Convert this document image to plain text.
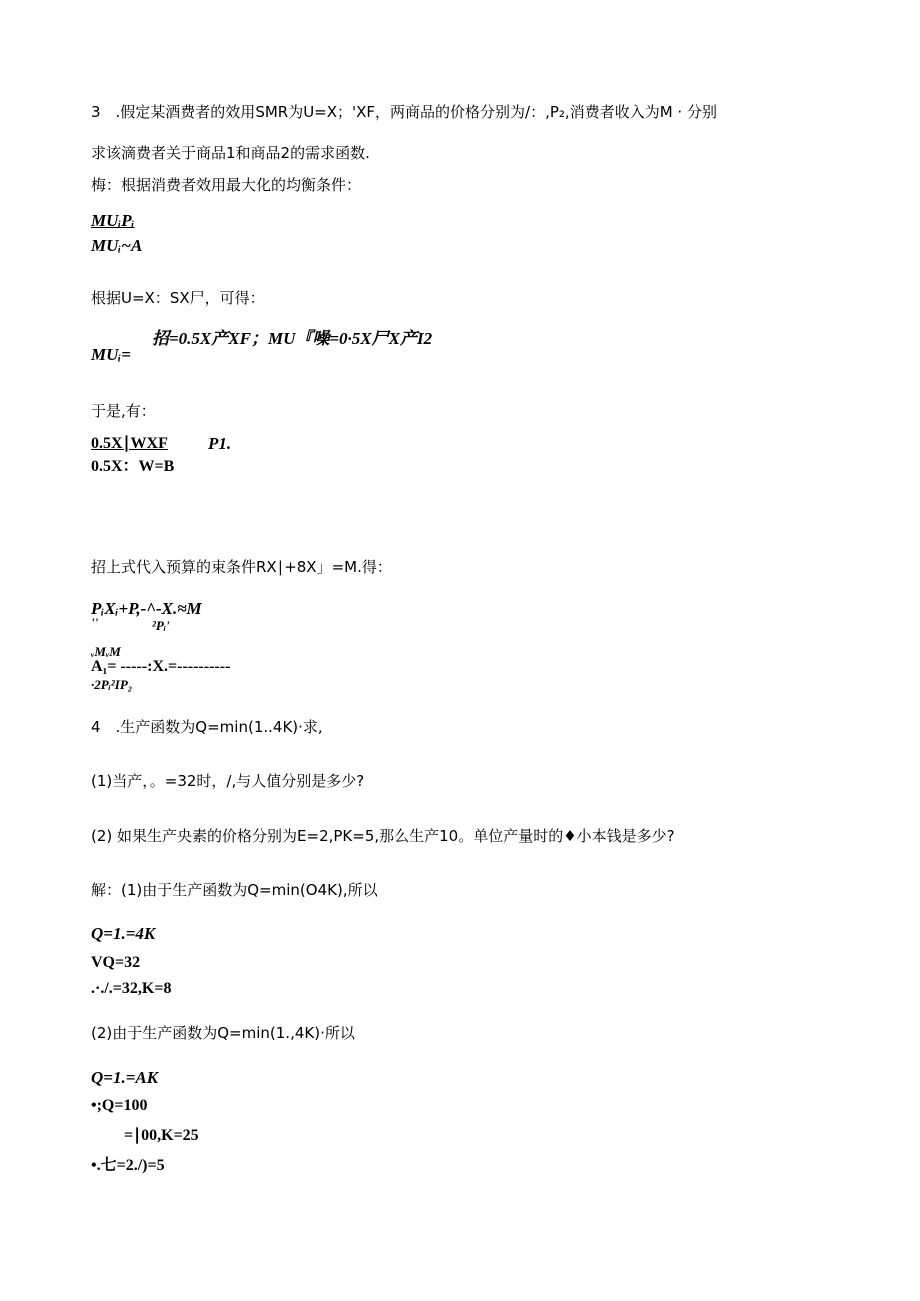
3　.假定某酒费者的效用SMR为U=X；'XF，两商品的价格分别为/：,P₂,消费者收入为M · 分别
求该滴费者关于商品1和商品2的需求函数.
梅：根据消费者效用最大化的均衡条件：
MUᵢPᵢ
MUᵢ~A
根据U=X：SX尸，可得：
招=0.5X产XF；MU『噪=0·5X尸X产I2
MUᵢ=
于是,有：
0.5X∣WXF P1.
0.5X：W=B
招上式代入预算的束条件RX∣+8X」=M.得：
PᵢXᵢ+P,-^-X.≈M
''	²Pᵢ'
ᵥMᵥM
A₁= -----:X.=----------
·2Pᵢ²IP₂
4　.生产函数为Q=min(1..4K)·求,
(1)当产，。=32时，/,与人值分别是多少?
(2) 如果生产央素的价格分别为E=2,PK=5,那么生产10。单位产量时的♦小本钱是多少?
解：(1)由于生产函数为Q=min(O4K),所以
Q=1.=4K
VQ=32
.·./.=32,K=8
(2)由于生产函数为Q=min(1.,4K)·所以
Q=1.=AK
•;Q=100
=∣00,K=25
•.七=2./)=5
